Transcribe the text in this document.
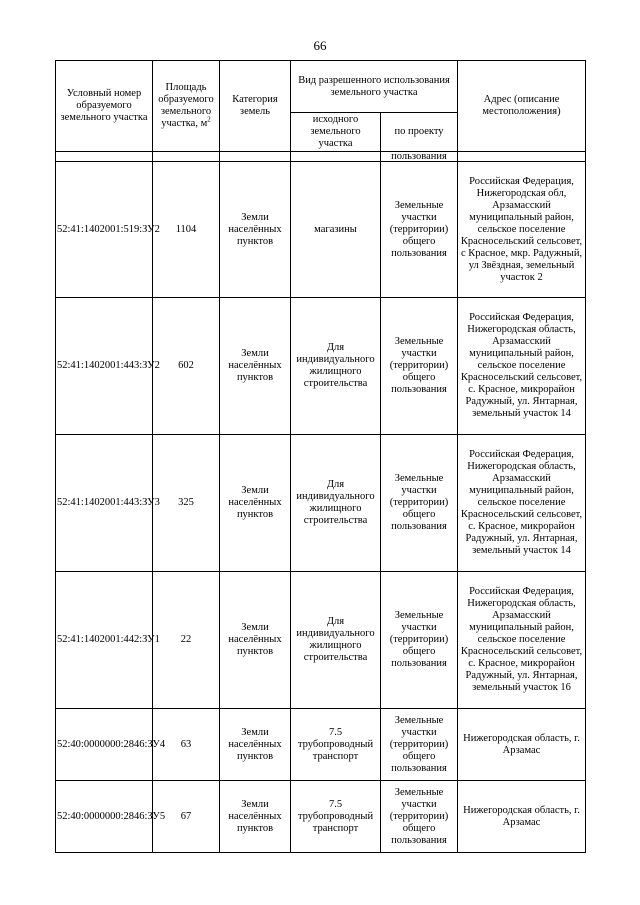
66
Условный номер образуемого земельного участка	Площадь образуемого земельного участка, $м^2$	Категория земель	Вид разрешенного использования земельного участка		Адрес (описание местоположения)
			исходного земельного участка	по проекту	
				пользования	
52:41:1402001:519:ЗУ2	1104	Земли населённых пунктов	магазины	Земельные участки (территории) общего пользования	Российская Федерация, Нижегородская обл, Арзамасский муниципальный район, сельское поселение Красносельский сельсовет, с Красное, мкр. Радужный, ул Звёздная, земельный участок 2
52:41:1402001:443:ЗУ2	602	Земли населённых пунктов	Для индивидуального жилищного строительства	Земельные участки (территории) общего пользования	Российская Федерация, Нижегородская область, Арзамасский муниципальный район, сельское поселение Красносельский сельсовет, с. Красное, микрорайон Радужный, ул. Янтарная, земельный участок 14
52:41:1402001:443:ЗУ3	325	Земли населённых пунктов	Для индивидуального жилищного строительства	Земельные участки (территории) общего пользования	Российская Федерация, Нижегородская область, Арзамасский муниципальный район, сельское поселение Красносельский сельсовет, с. Красное, микрорайон Радужный, ул. Янтарная, земельный участок 14
52:41:1402001:442:ЗУ1	22	Земли населённых пунктов	Для индивидуального жилищного строительства	Земельные участки (территории) общего пользования	Российская Федерация, Нижегородская область, Арзамасский муниципальный район, сельское поселение Красносельский сельсовет, с. Красное, микрорайон Радужный, ул. Янтарная, земельный участок 16
52:40:0000000:2846:ЗУ4	63	Земли населённых пунктов	7.5 трубопроводный транспорт	Земельные участки (территории) общего пользования	Нижегородская область, г. Арзамас
52:40:0000000:2846:ЗУ5	67	Земли населённых пунктов	7.5 трубопроводный транспорт	Земельные участки (территории) общего пользования	Нижегородская область, г. Арзамас
